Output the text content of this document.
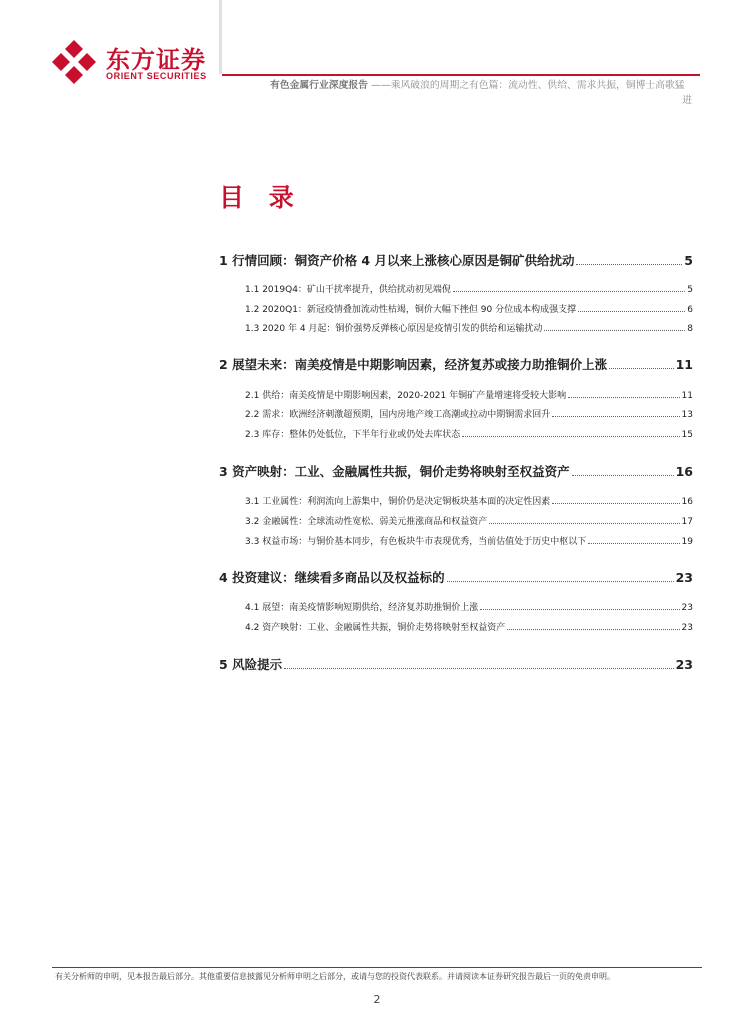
东方证券
ORIENT SECURITIES
有色金属行业深度报告 ——乘风破浪的周期之有色篇：流动性、供给、需求共振，铜博士高歌猛
进
目 录
1 行情回顾：铜资产价格 4 月以来上涨核心原因是铜矿供给扰动	5
1.1 2019Q4：矿山干扰率提升，供给扰动初见端倪	5
1.2 2020Q1：新冠疫情叠加流动性枯竭，铜价大幅下挫但 90 分位成本构成强支撑	6
1.3 2020 年 4 月起：铜价强势反弹核心原因是疫情引发的供给和运输扰动	8
2 展望未来：南美疫情是中期影响因素，经济复苏或接力助推铜价上涨	11
2.1 供给：南美疫情是中期影响因素，2020-2021 年铜矿产量增速将受较大影响	11
2.2 需求：欧洲经济刺激超预期，国内房地产竣工高潮或拉动中期铜需求回升	13
2.3 库存：整体仍处低位，下半年行业或仍处去库状态	15
3 资产映射：工业、金融属性共振，铜价走势将映射至权益资产	16
3.1 工业属性：利润流向上游集中，铜价仍是决定铜板块基本面的决定性因素	16
3.2 金融属性：全球流动性宽松、弱美元推涨商品和权益资产	17
3.3 权益市场：与铜价基本同步，有色板块牛市表现优秀，当前估值处于历史中枢以下	19
4 投资建议：继续看多商品以及权益标的	23
4.1 展望：南美疫情影响短期供给，经济复苏助推铜价上涨	23
4.2 资产映射：工业、金融属性共振，铜价走势将映射至权益资产	23
5 风险提示	23
有关分析师的申明，见本报告最后部分。其他重要信息披露见分析师申明之后部分，或请与您的投资代表联系。并请阅读本证券研究报告最后一页的免责申明。
2
